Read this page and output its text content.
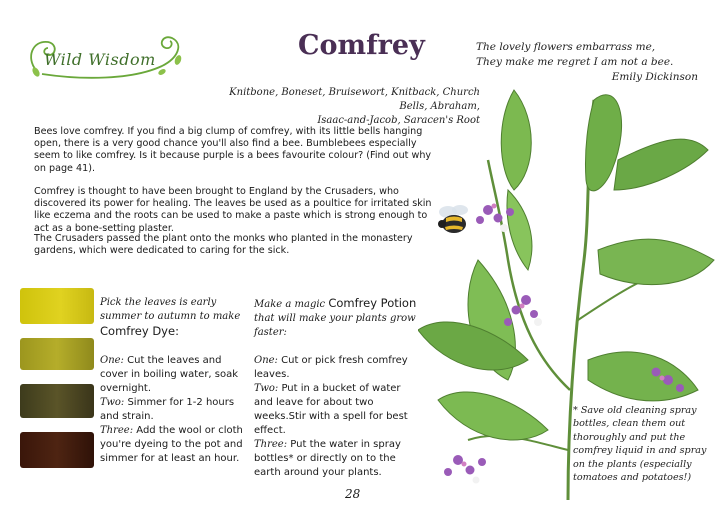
Wild Wisdom	Comfrey	The lovely flowers embarrass me,
They make me regret I am not a bee.
Emily Dickinson
Knitbone, Boneset, Bruisewort, Knitback, Church Bells, Abraham,
Isaac-and-Jacob, Saracen's Root

Bees love comfrey. If you find a big clump of comfrey, with its little bells hanging open, there is a very good chance you'll also find a bee. Bumblebees especially seem to like comfrey. Is it because purple is a bees favourite colour? (Find out why on page 41).

Comfrey is thought to have been brought to England by the Crusaders, who discovered its power for healing. The leaves be used as a poultice for irritated skin like eczema and the roots can be used to make a paste which is strong enough to act as a bone-setting plaster.

The Crusaders passed the plant onto the monks who planted in the monastery gardens, which were dedicated to caring for the sick.

Pick the leaves is early summer to autumn to make Comfrey Dye:
One: Cut the leaves and cover in boiling water, soak overnight.
Two: Simmer for 1-2 hours and strain.
Three: Add the wool or cloth you're dyeing to the pot and simmer for at least an hour.
Make a magic Comfrey Potion that will make your plants grow faster:
One: Cut or pick fresh comfrey leaves.
Two: Put in a bucket of water and leave for about two weeks.Stir with a spell for best effect.
Three: Put the water in spray bottles* or directly on to the earth around your plants.
* Save old cleaning spray bottles, clean them out thoroughly and put the comfrey liquid in and spray on the plants (especially tomatoes and potatoes!)
28
